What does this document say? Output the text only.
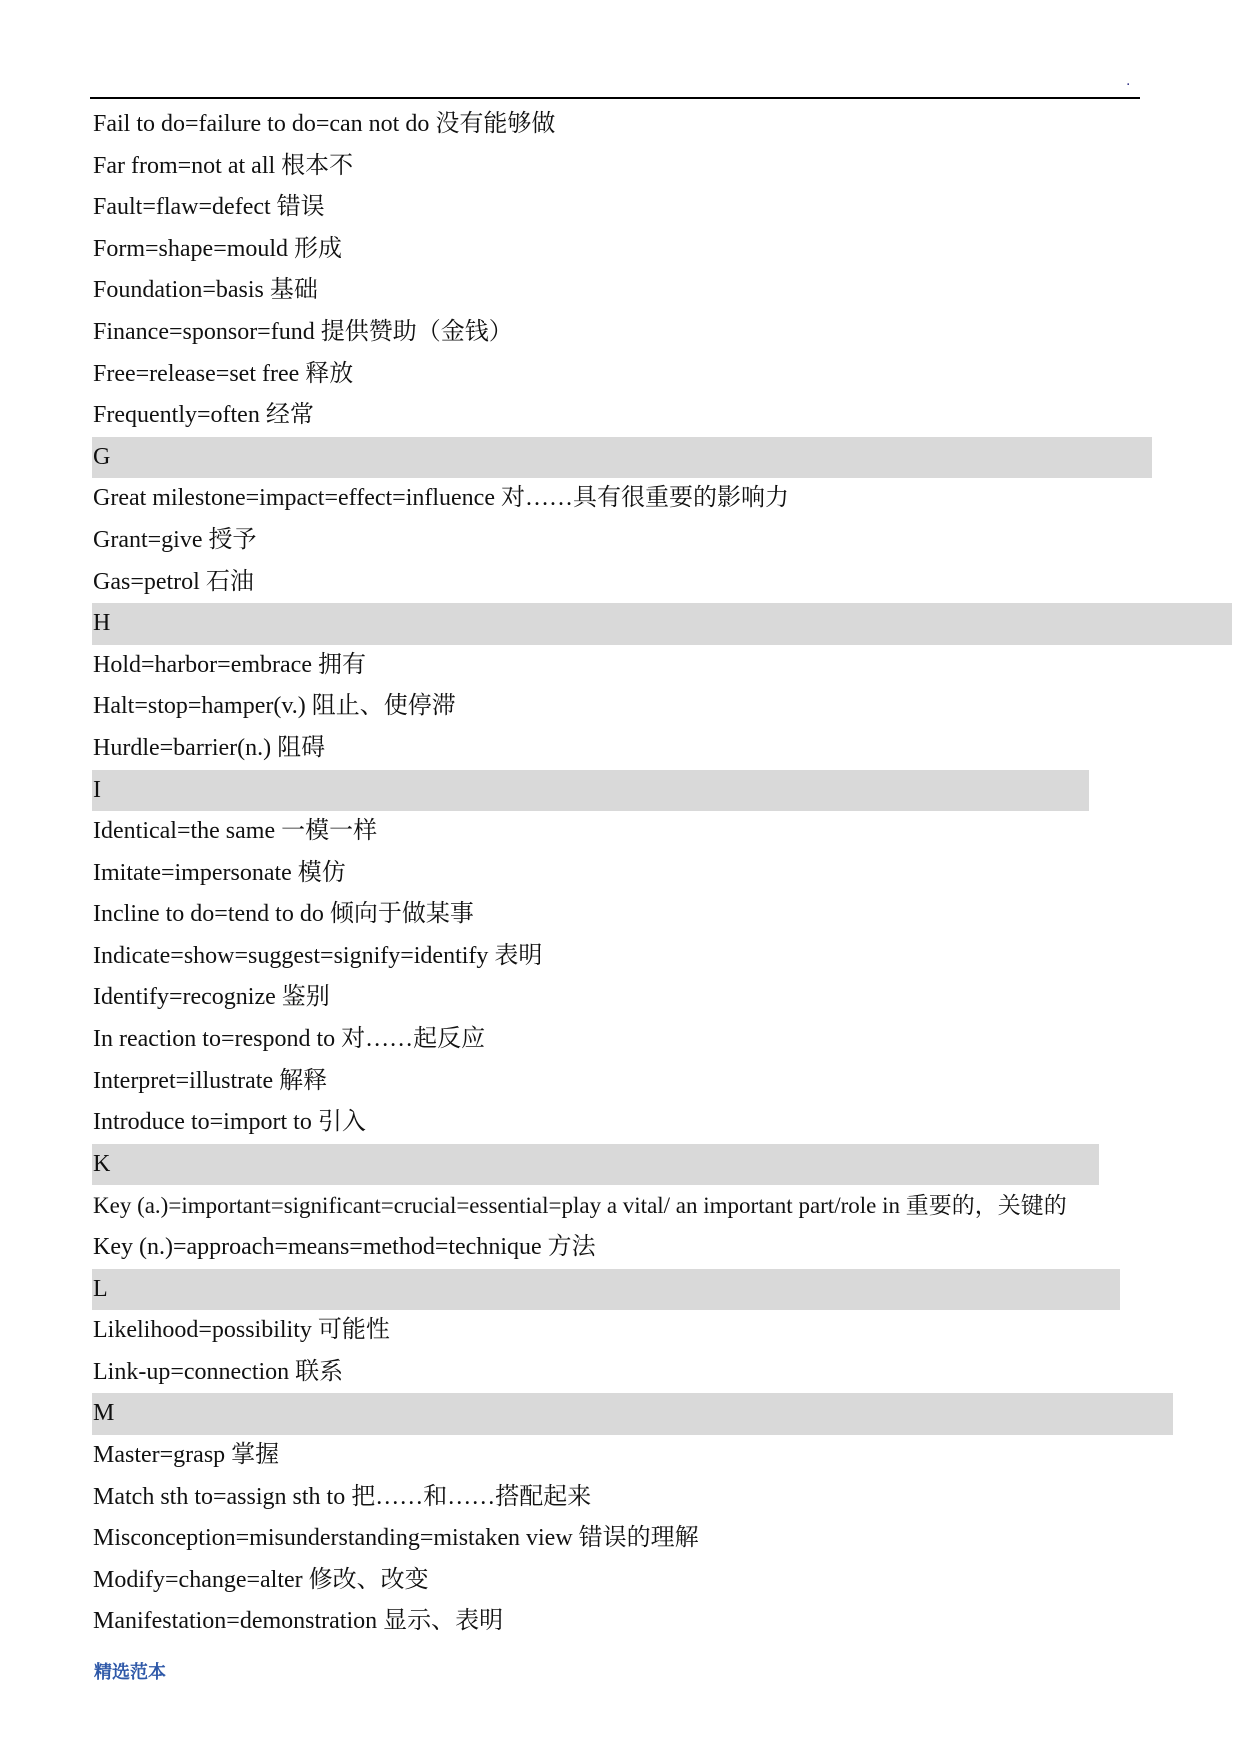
.
Fail to do=failure to do=can not do 没有能够做
Far from=not at all 根本不
Fault=flaw=defect 错误
Form=shape=mould 形成
Foundation=basis 基础
Finance=sponsor=fund 提供赞助（金钱）
Free=release=set free 释放
Frequently=often 经常
G
Great milestone=impact=effect=influence 对……具有很重要的影响力
Grant=give 授予
Gas=petrol 石油
H
Hold=harbor=embrace 拥有
Halt=stop=hamper(v.) 阻止、使停滞
Hurdle=barrier(n.) 阻碍
I
Identical=the same 一模一样
Imitate=impersonate 模仿
Incline to do=tend to do 倾向于做某事
Indicate=show=suggest=signify=identify 表明
Identify=recognize 鉴别
In reaction to=respond to 对……起反应
Interpret=illustrate 解释
Introduce to=import to 引入
K
Key (a.)=important=significant=crucial=essential=play a vital/ an important part/role in 重要的，关键的
Key (n.)=approach=means=method=technique 方法
L
Likelihood=possibility 可能性
Link-up=connection 联系
M
Master=grasp 掌握
Match sth to=assign sth to 把……和……搭配起来
Misconception=misunderstanding=mistaken view 错误的理解
Modify=change=alter 修改、改变
Manifestation=demonstration 显示、表明
精选范本
